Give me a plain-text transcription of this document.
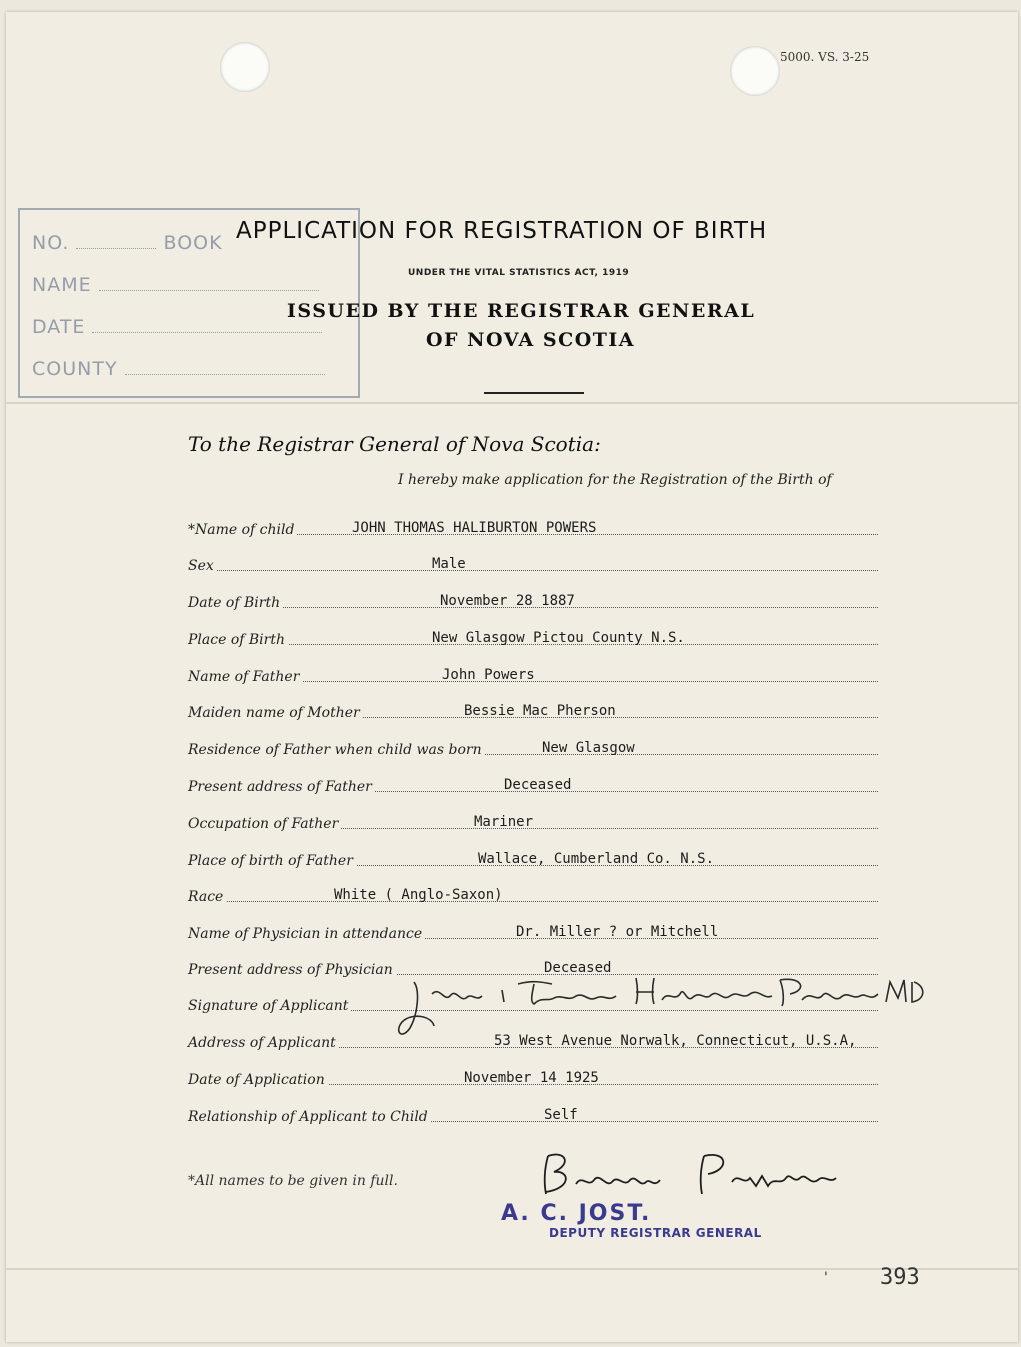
5000. VS. 3-25
NO.	BOOK
NAME
DATE
COUNTY
APPLICATION FOR REGISTRATION OF BIRTH
UNDER THE VITAL STATISTICS ACT, 1919
ISSUED BY THE REGISTRAR GENERAL
OF NOVA SCOTIA
To the Registrar General of Nova Scotia:
I hereby make application for the Registration of the Birth of
*Name of child	JOHN THOMAS HALIBURTON POWERS
Sex	Male
Date of Birth	November 28 1887
Place of Birth	New Glasgow Pictou County N.S.
Name of Father	John Powers
Maiden name of Mother	Bessie Mac Pherson
Residence of Father when child was born	New Glasgow
Present address of Father	Deceased
Occupation of Father	Mariner
Place of birth of Father	Wallace, Cumberland Co. N.S.
Race	White ( Anglo-Saxon)
Name of Physician in attendance	Dr. Miller ? or Mitchell
Present address of Physician	Deceased
Signature of Applicant
Address of Applicant	53 West Avenue Norwalk, Connecticut, U.S.A,
Date of Application	November 14 1925
Relationship of Applicant to Child	Self
*All names to be given in full.
A. C. JOST.
DEPUTY REGISTRAR GENERAL
' 393
